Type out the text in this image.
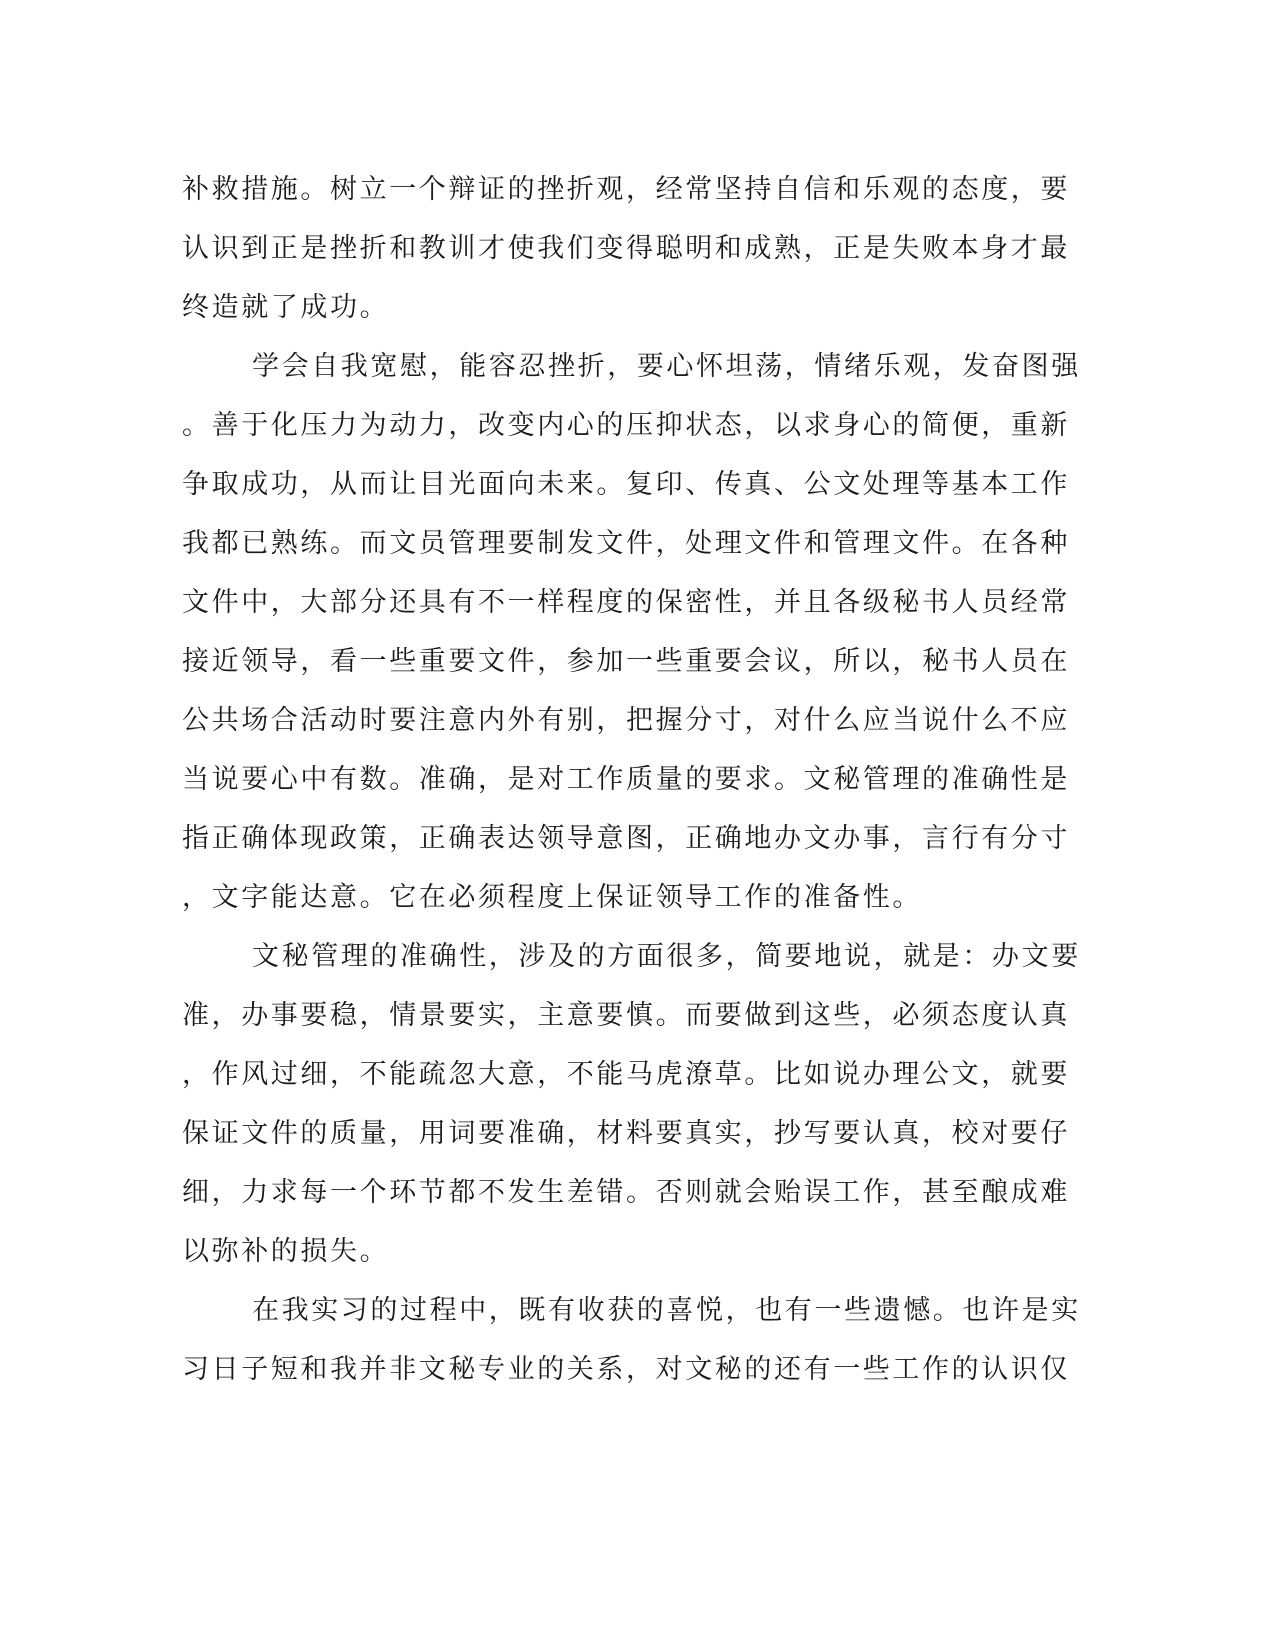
补救措施。树立一个辩证的挫折观，经常坚持自信和乐观的态度，要
认识到正是挫折和教训才使我们变得聪明和成熟，正是失败本身才最
终造就了成功。
学会自我宽慰，能容忍挫折，要心怀坦荡，情绪乐观，发奋图强
。善于化压力为动力，改变内心的压抑状态，以求身心的简便，重新
争取成功，从而让目光面向未来。复印、传真、公文处理等基本工作
我都已熟练。而文员管理要制发文件，处理文件和管理文件。在各种
文件中，大部分还具有不一样程度的保密性，并且各级秘书人员经常
接近领导，看一些重要文件，参加一些重要会议，所以，秘书人员在
公共场合活动时要注意内外有别，把握分寸，对什么应当说什么不应
当说要心中有数。准确，是对工作质量的要求。文秘管理的准确性是
指正确体现政策，正确表达领导意图，正确地办文办事，言行有分寸
，文字能达意。它在必须程度上保证领导工作的准备性。
文秘管理的准确性，涉及的方面很多，简要地说，就是：办文要
准，办事要稳，情景要实，主意要慎。而要做到这些，必须态度认真
，作风过细，不能疏忽大意，不能马虎潦草。比如说办理公文，就要
保证文件的质量，用词要准确，材料要真实，抄写要认真，校对要仔
细，力求每一个环节都不发生差错。否则就会贻误工作，甚至酿成难
以弥补的损失。
在我实习的过程中，既有收获的喜悦，也有一些遗憾。也许是实
习日子短和我并非文秘专业的关系，对文秘的还有一些工作的认识仅
